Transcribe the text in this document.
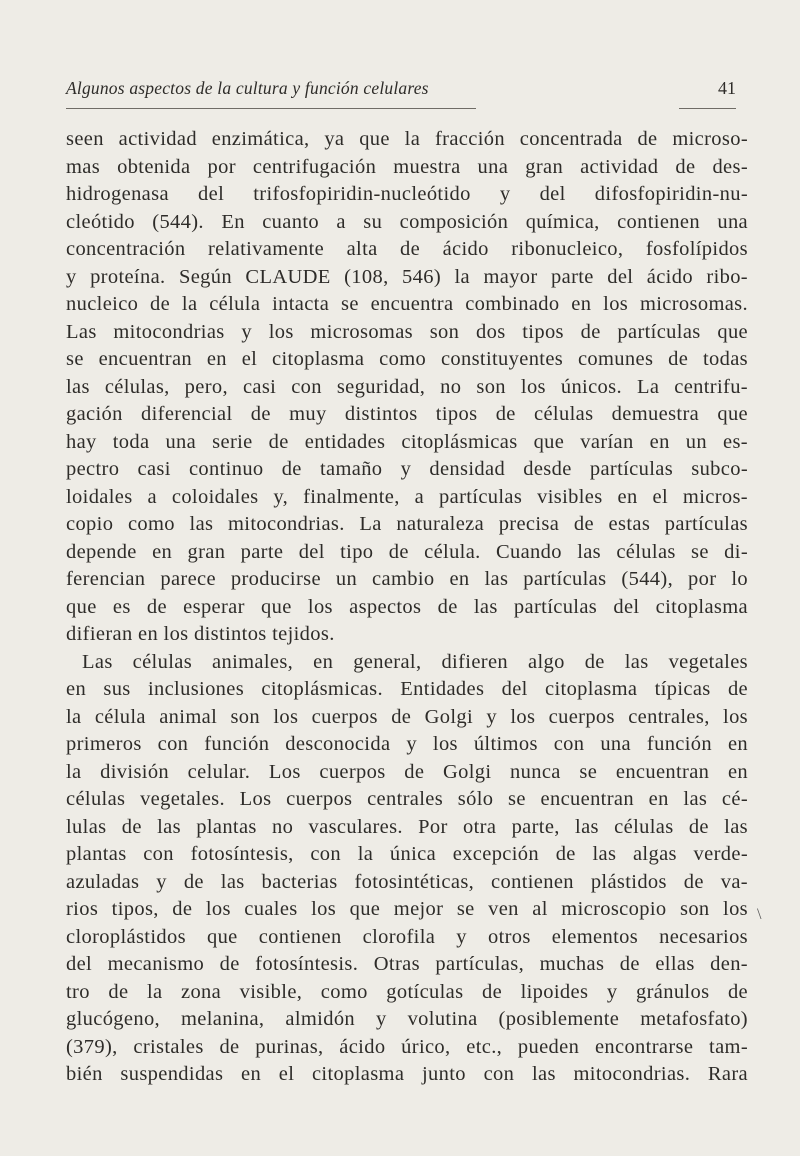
Algunos aspectos de la cultura y función celulares	41
seen actividad enzimática, ya que la fracción concentrada de microso-
mas obtenida por centrifugación muestra una gran actividad de des-
hidrogenasa del trifosfopiridin-nucleótido y del difosfopiridin-nu-
cleótido (544). En cuanto a su composición química, contienen una
concentración relativamente alta de ácido ribonucleico, fosfolípidos
y proteína. Según CLAUDE (108, 546) la mayor parte del ácido ribo-
nucleico de la célula intacta se encuentra combinado en los microsomas.
Las mitocondrias y los microsomas son dos tipos de partículas que
se encuentran en el citoplasma como constituyentes comunes de todas
las células, pero, casi con seguridad, no son los únicos. La centrifu-
gación diferencial de muy distintos tipos de células demuestra que
hay toda una serie de entidades citoplásmicas que varían en un es-
pectro casi continuo de tamaño y densidad desde partículas subco-
loidales a coloidales y, finalmente, a partículas visibles en el micros-
copio como las mitocondrias. La naturaleza precisa de estas partículas
depende en gran parte del tipo de célula. Cuando las células se di-
ferencian parece producirse un cambio en las partículas (544), por lo
que es de esperar que los aspectos de las partículas del citoplasma
difieran en los distintos tejidos.
Las células animales, en general, difieren algo de las vegetales
en sus inclusiones citoplásmicas. Entidades del citoplasma típicas de
la célula animal son los cuerpos de Golgi y los cuerpos centrales, los
primeros con función desconocida y los últimos con una función en
la división celular. Los cuerpos de Golgi nunca se encuentran en
células vegetales. Los cuerpos centrales sólo se encuentran en las cé-
lulas de las plantas no vasculares. Por otra parte, las células de las
plantas con fotosíntesis, con la única excepción de las algas verde-
azuladas y de las bacterias fotosintéticas, contienen plástidos de va-
rios tipos, de los cuales los que mejor se ven al microscopio son los
cloroplástidos que contienen clorofila y otros elementos necesarios
del mecanismo de fotosíntesis. Otras partículas, muchas de ellas den-
tro de la zona visible, como gotículas de lipoides y gránulos de
glucógeno, melanina, almidón y volutina (posiblemente metafosfato)
(379), cristales de purinas, ácido úrico, etc., pueden encontrarse tam-
bién suspendidas en el citoplasma junto con las mitocondrias. Rara
\
